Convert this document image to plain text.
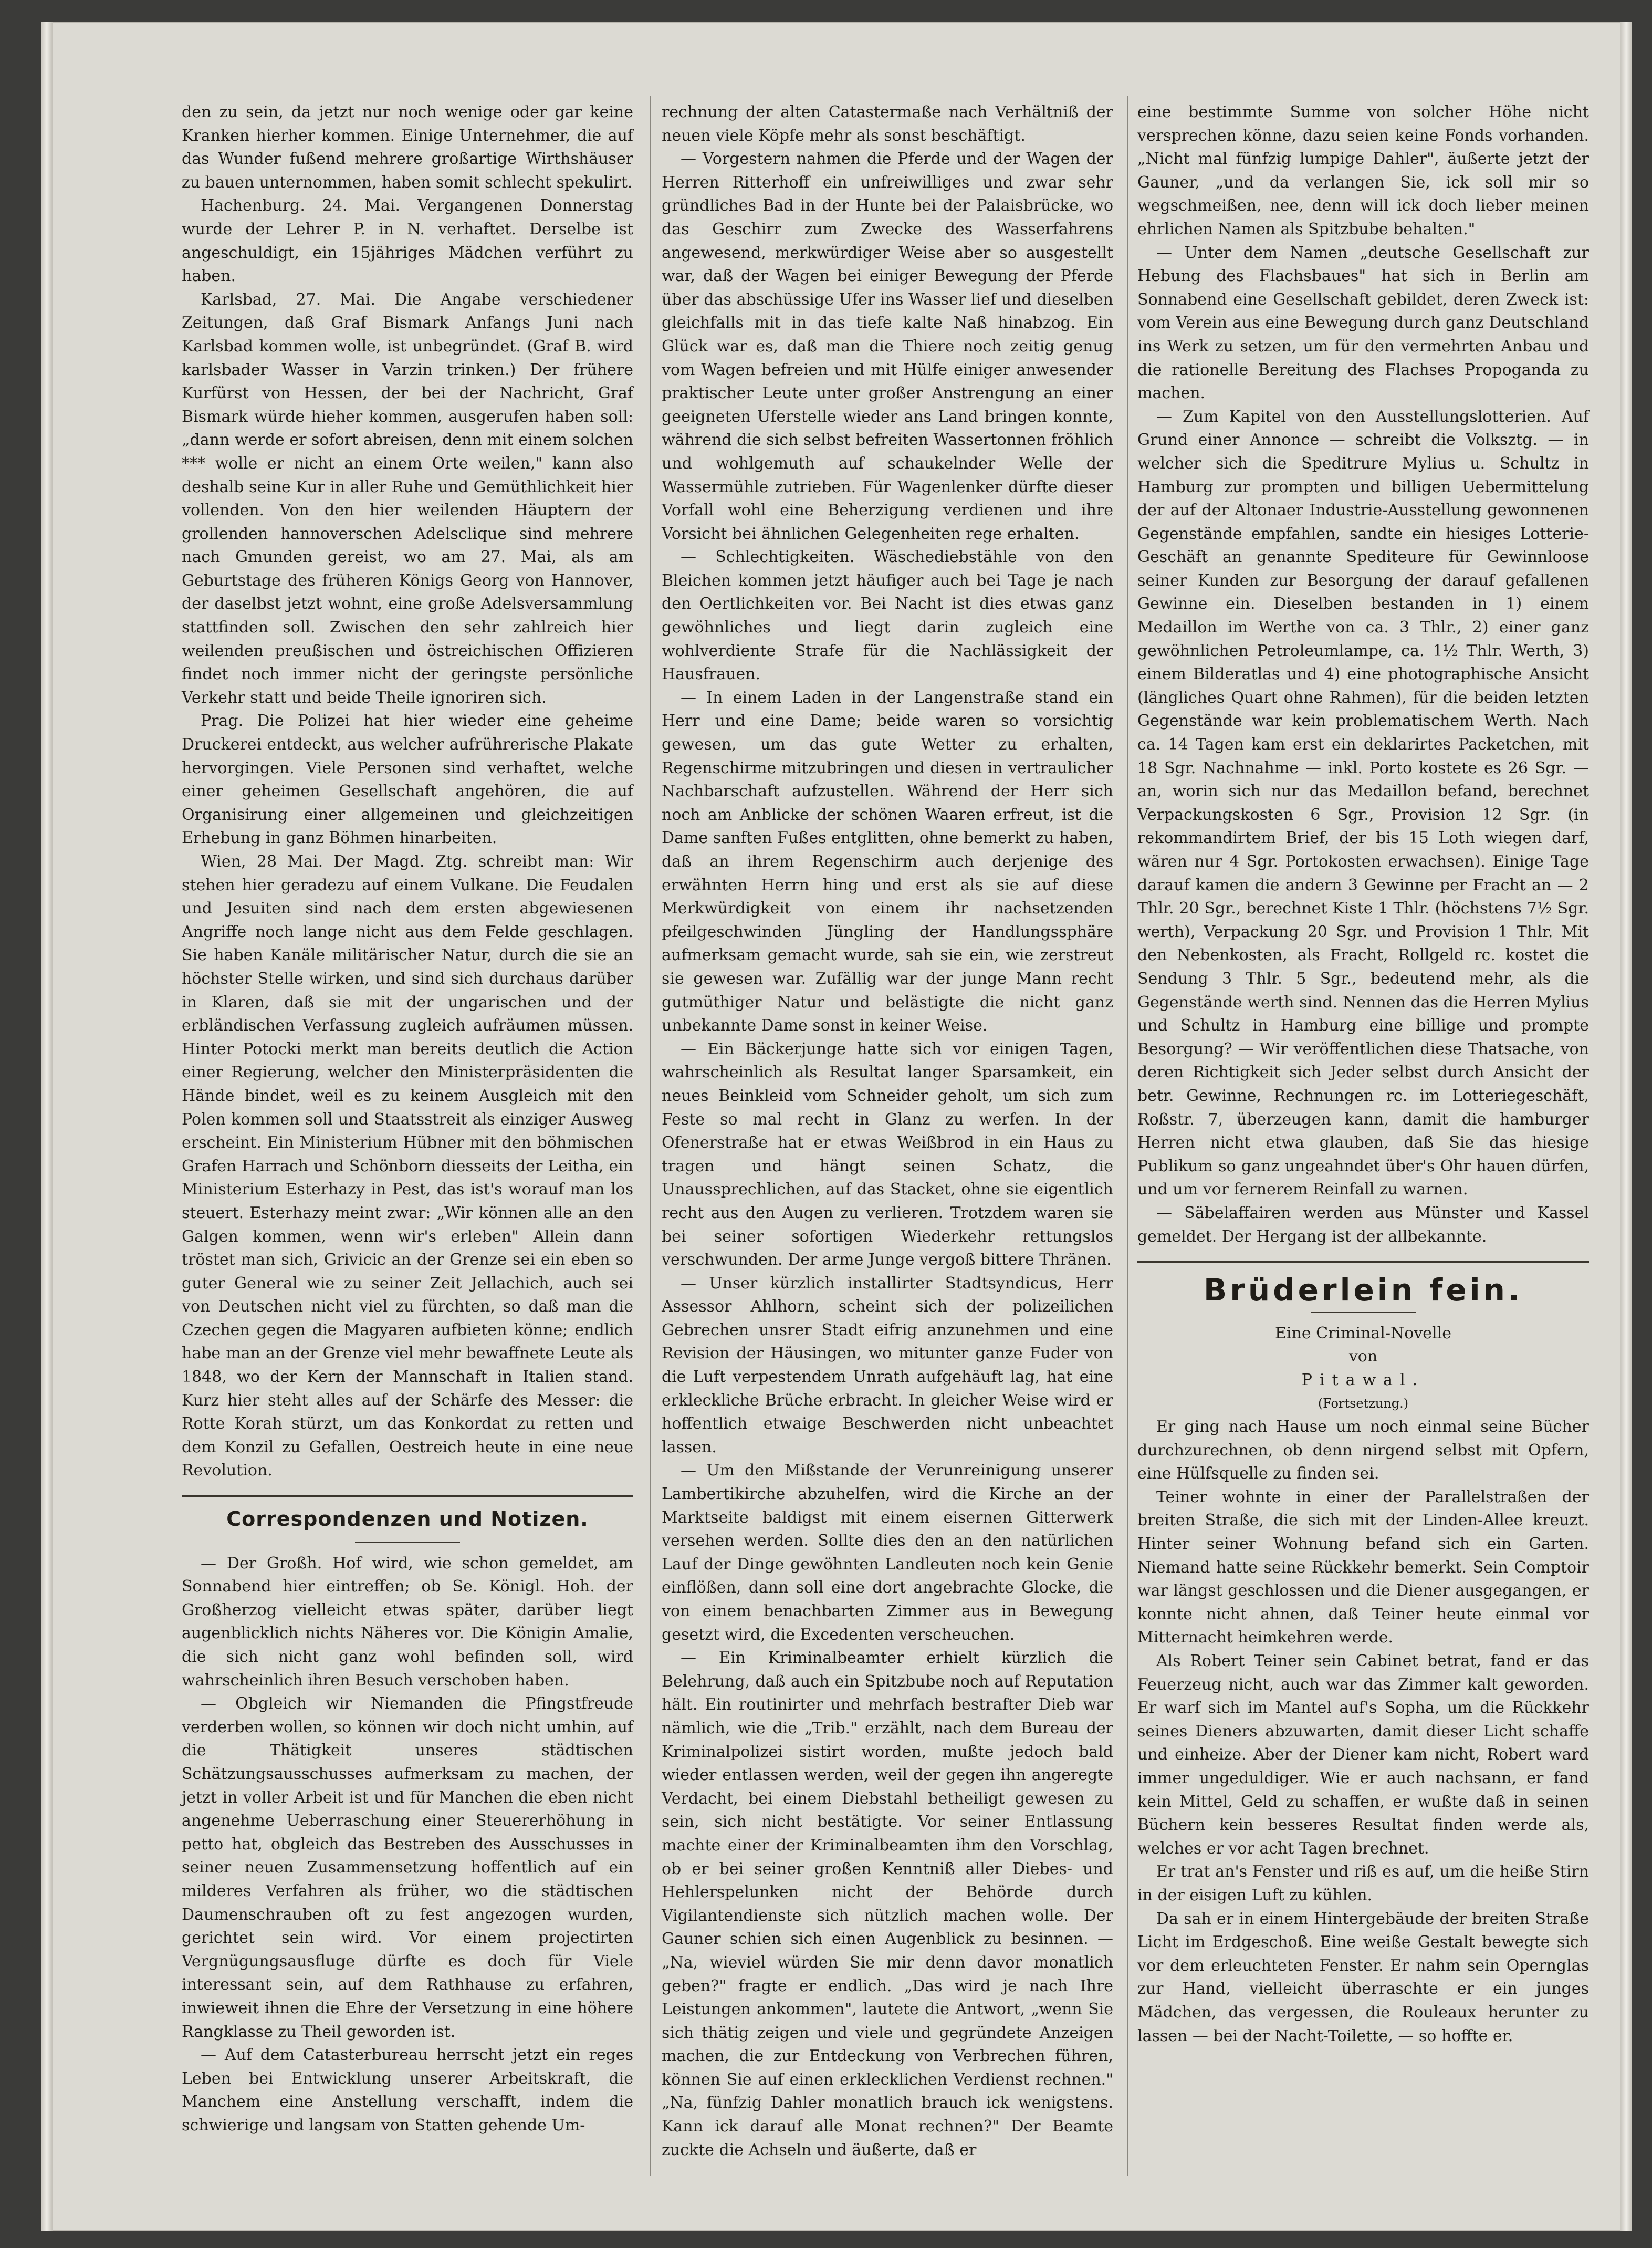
den zu sein, da jetzt nur noch wenige oder gar keine Kranken hierher kommen. Einige Unternehmer, die auf das Wunder fußend mehrere großartige Wirthshäuser zu bauen unternommen, haben somit schlecht spekulirt.

Hachenburg. 24. Mai. Vergangenen Donnerstag wurde der Lehrer P. in N. verhaftet. Derselbe ist angeschuldigt, ein 15jähriges Mädchen verführt zu haben.

Karlsbad, 27. Mai. Die Angabe verschiedener Zeitungen, daß Graf Bismark Anfangs Juni nach Karlsbad kommen wolle, ist unbegründet. (Graf B. wird karlsbader Wasser in Varzin trinken.) Der frühere Kurfürst von Hessen, der bei der Nachricht, Graf Bismark würde hieher kommen, ausgerufen haben soll: „dann werde er sofort abreisen, denn mit einem solchen *** wolle er nicht an einem Orte weilen," kann also deshalb seine Kur in aller Ruhe und Gemüthlichkeit hier vollenden. Von den hier weilenden Häuptern der grollenden hannoverschen Adelsclique sind mehrere nach Gmunden gereist, wo am 27. Mai, als am Geburtstage des früheren Königs Georg von Hannover, der daselbst jetzt wohnt, eine große Adelsversammlung stattfinden soll. Zwischen den sehr zahlreich hier weilenden preußischen und östreichischen Offizieren findet noch immer nicht der geringste persönliche Verkehr statt und beide Theile ignoriren sich.

Prag. Die Polizei hat hier wieder eine geheime Druckerei entdeckt, aus welcher aufrührerische Plakate hervorgingen. Viele Personen sind verhaftet, welche einer geheimen Gesellschaft angehören, die auf Organisirung einer allgemeinen und gleichzeitigen Erhebung in ganz Böhmen hinarbeiten.

Wien, 28 Mai. Der Magd. Ztg. schreibt man: Wir stehen hier geradezu auf einem Vulkane. Die Feudalen und Jesuiten sind nach dem ersten abgewiesenen Angriffe noch lange nicht aus dem Felde geschlagen. Sie haben Kanäle militärischer Natur, durch die sie an höchster Stelle wirken, und sind sich durchaus darüber in Klaren, daß sie mit der ungarischen und der erbländischen Verfassung zugleich aufräumen müssen. Hinter Potocki merkt man bereits deutlich die Action einer Regierung, welcher den Ministerpräsidenten die Hände bindet, weil es zu keinem Ausgleich mit den Polen kommen soll und Staatsstreit als einziger Ausweg erscheint. Ein Ministerium Hübner mit den böhmischen Grafen Harrach und Schönborn diesseits der Leitha, ein Ministerium Esterhazy in Pest, das ist's worauf man los steuert. Esterhazy meint zwar: „Wir können alle an den Galgen kommen, wenn wir's erleben" Allein dann tröstet man sich, Grivicic an der Grenze sei ein eben so guter General wie zu seiner Zeit Jellachich, auch sei von Deutschen nicht viel zu fürchten, so daß man die Czechen gegen die Magyaren aufbieten könne; endlich habe man an der Grenze viel mehr bewaffnete Leute als 1848, wo der Kern der Mannschaft in Italien stand. Kurz hier steht alles auf der Schärfe des Messer: die Rotte Korah stürzt, um das Konkordat zu retten und dem Konzil zu Gefallen, Oestreich heute in eine neue Revolution.

Correspondenzen und Notizen.

— Der Großh. Hof wird, wie schon gemeldet, am Sonnabend hier eintreffen; ob Se. Königl. Hoh. der Großherzog vielleicht etwas später, darüber liegt augenblicklich nichts Näheres vor. Die Königin Amalie, die sich nicht ganz wohl befinden soll, wird wahrscheinlich ihren Besuch verschoben haben.

— Obgleich wir Niemanden die Pfingstfreude verderben wollen, so können wir doch nicht umhin, auf die Thätigkeit unseres städtischen Schätzungsausschusses aufmerksam zu machen, der jetzt in voller Arbeit ist und für Manchen die eben nicht angenehme Ueberraschung einer Steuererhöhung in petto hat, obgleich das Bestreben des Ausschusses in seiner neuen Zusammensetzung hoffentlich auf ein milderes Verfahren als früher, wo die städtischen Daumenschrauben oft zu fest angezogen wurden, gerichtet sein wird. Vor einem projectirten Vergnügungsausfluge dürfte es doch für Viele interessant sein, auf dem Rathhause zu erfahren, inwieweit ihnen die Ehre der Versetzung in eine höhere Rangklasse zu Theil geworden ist.

— Auf dem Catasterbureau herrscht jetzt ein reges Leben bei Entwicklung unserer Arbeitskraft, die Manchem eine Anstellung verschafft, indem die schwierige und langsam von Statten gehende Um-

rechnung der alten Catastermaße nach Verhältniß der neuen viele Köpfe mehr als sonst beschäftigt.

— Vorgestern nahmen die Pferde und der Wagen der Herren Ritterhoff ein unfreiwilliges und zwar sehr gründliches Bad in der Hunte bei der Palaisbrücke, wo das Geschirr zum Zwecke des Wasserfahrens angewesend, merkwürdiger Weise aber so ausgestellt war, daß der Wagen bei einiger Bewegung der Pferde über das abschüssige Ufer ins Wasser lief und dieselben gleichfalls mit in das tiefe kalte Naß hinabzog. Ein Glück war es, daß man die Thiere noch zeitig genug vom Wagen befreien und mit Hülfe einiger anwesender praktischer Leute unter großer Anstrengung an einer geeigneten Uferstelle wieder ans Land bringen konnte, während die sich selbst befreiten Wassertonnen fröhlich und wohlgemuth auf schaukelnder Welle der Wassermühle zutrieben. Für Wagenlenker dürfte dieser Vorfall wohl eine Beherzigung verdienen und ihre Vorsicht bei ähnlichen Gelegenheiten rege erhalten.

— Schlechtigkeiten. Wäschediebstähle von den Bleichen kommen jetzt häufiger auch bei Tage je nach den Oertlichkeiten vor. Bei Nacht ist dies etwas ganz gewöhnliches und liegt darin zugleich eine wohlverdiente Strafe für die Nachlässigkeit der Hausfrauen.

— In einem Laden in der Langenstraße stand ein Herr und eine Dame; beide waren so vorsichtig gewesen, um das gute Wetter zu erhalten, Regenschirme mitzubringen und diesen in vertraulicher Nachbarschaft aufzustellen. Während der Herr sich noch am Anblicke der schönen Waaren erfreut, ist die Dame sanften Fußes entglitten, ohne bemerkt zu haben, daß an ihrem Regenschirm auch derjenige des erwähnten Herrn hing und erst als sie auf diese Merkwürdigkeit von einem ihr nachsetzenden pfeilgeschwinden Jüngling der Handlungssphäre aufmerksam gemacht wurde, sah sie ein, wie zerstreut sie gewesen war. Zufällig war der junge Mann recht gutmüthiger Natur und belästigte die nicht ganz unbekannte Dame sonst in keiner Weise.

— Ein Bäckerjunge hatte sich vor einigen Tagen, wahrscheinlich als Resultat langer Sparsamkeit, ein neues Beinkleid vom Schneider geholt, um sich zum Feste so mal recht in Glanz zu werfen. In der Ofenerstraße hat er etwas Weißbrod in ein Haus zu tragen und hängt seinen Schatz, die Unaussprechlichen, auf das Stacket, ohne sie eigentlich recht aus den Augen zu verlieren. Trotzdem waren sie bei seiner sofortigen Wiederkehr rettungslos verschwunden. Der arme Junge vergoß bittere Thränen.

— Unser kürzlich installirter Stadtsyndicus, Herr Assessor Ahlhorn, scheint sich der polizeilichen Gebrechen unsrer Stadt eifrig anzunehmen und eine Revision der Häusingen, wo mitunter ganze Fuder von die Luft verpestendem Unrath aufgehäuft lag, hat eine erkleckliche Brüche erbracht. In gleicher Weise wird er hoffentlich etwaige Beschwerden nicht unbeachtet lassen.

— Um den Mißstande der Verunreinigung unserer Lambertikirche abzuhelfen, wird die Kirche an der Marktseite baldigst mit einem eisernen Gitterwerk versehen werden. Sollte dies den an den natürlichen Lauf der Dinge gewöhnten Landleuten noch kein Genie einflößen, dann soll eine dort angebrachte Glocke, die von einem benachbarten Zimmer aus in Bewegung gesetzt wird, die Excedenten verscheuchen.

— Ein Kriminalbeamter erhielt kürzlich die Belehrung, daß auch ein Spitzbube noch auf Reputation hält. Ein routinirter und mehrfach bestrafter Dieb war nämlich, wie die „Trib." erzählt, nach dem Bureau der Kriminalpolizei sistirt worden, mußte jedoch bald wieder entlassen werden, weil der gegen ihn angeregte Verdacht, bei einem Diebstahl betheiligt gewesen zu sein, sich nicht bestätigte. Vor seiner Entlassung machte einer der Kriminalbeamten ihm den Vorschlag, ob er bei seiner großen Kenntniß aller Diebes- und Hehlerspelunken nicht der Behörde durch Vigilantendienste sich nützlich machen wolle. Der Gauner schien sich einen Augenblick zu besinnen. — „Na, wieviel würden Sie mir denn davor monatlich geben?" fragte er endlich. „Das wird je nach Ihre Leistungen ankommen", lautete die Antwort, „wenn Sie sich thätig zeigen und viele und gegründete Anzeigen machen, die zur Entdeckung von Verbrechen führen, können Sie auf einen erklecklichen Verdienst rechnen." „Na, fünfzig Dahler monatlich brauch ick wenigstens. Kann ick darauf alle Monat rechnen?" Der Beamte zuckte die Achseln und äußerte, daß er

eine bestimmte Summe von solcher Höhe nicht versprechen könne, dazu seien keine Fonds vorhanden. „Nicht mal fünfzig lumpige Dahler", äußerte jetzt der Gauner, „und da verlangen Sie, ick soll mir so wegschmeißen, nee, denn will ick doch lieber meinen ehrlichen Namen als Spitzbube behalten."

— Unter dem Namen „deutsche Gesellschaft zur Hebung des Flachsbaues" hat sich in Berlin am Sonnabend eine Gesellschaft gebildet, deren Zweck ist: vom Verein aus eine Bewegung durch ganz Deutschland ins Werk zu setzen, um für den vermehrten Anbau und die rationelle Bereitung des Flachses Propoganda zu machen.

— Zum Kapitel von den Ausstellungslotterien. Auf Grund einer Annonce — schreibt die Volksztg. — in welcher sich die Speditrure Mylius u. Schultz in Hamburg zur prompten und billigen Uebermittelung der auf der Altonaer Industrie-Ausstellung gewonnenen Gegenstände empfahlen, sandte ein hiesiges Lotterie-Geschäft an genannte Spediteure für Gewinnloose seiner Kunden zur Besorgung der darauf gefallenen Gewinne ein. Dieselben bestanden in 1) einem Medaillon im Werthe von ca. 3 Thlr., 2) einer ganz gewöhnlichen Petroleumlampe, ca. 1½ Thlr. Werth, 3) einem Bilderatlas und 4) eine photographische Ansicht (längliches Quart ohne Rahmen), für die beiden letzten Gegenstände war kein problematischem Werth. Nach ca. 14 Tagen kam erst ein deklarirtes Packetchen, mit 18 Sgr. Nachnahme — inkl. Porto kostete es 26 Sgr. — an, worin sich nur das Medaillon befand, berechnet Verpackungskosten 6 Sgr., Provision 12 Sgr. (in rekommandirtem Brief, der bis 15 Loth wiegen darf, wären nur 4 Sgr. Portokosten erwachsen). Einige Tage darauf kamen die andern 3 Gewinne per Fracht an — 2 Thlr. 20 Sgr., berechnet Kiste 1 Thlr. (höchstens 7½ Sgr. werth), Verpackung 20 Sgr. und Provision 1 Thlr. Mit den Nebenkosten, als Fracht, Rollgeld rc. kostet die Sendung 3 Thlr. 5 Sgr., bedeutend mehr, als die Gegenstände werth sind. Nennen das die Herren Mylius und Schultz in Hamburg eine billige und prompte Besorgung? — Wir veröffentlichen diese Thatsache, von deren Richtigkeit sich Jeder selbst durch Ansicht der betr. Gewinne, Rechnungen rc. im Lotteriegeschäft, Roßstr. 7, überzeugen kann, damit die hamburger Herren nicht etwa glauben, daß Sie das hiesige Publikum so ganz ungeahndet über's Ohr hauen dürfen, und um vor fernerem Reinfall zu warnen.

— Säbelaffairen werden aus Münster und Kassel gemeldet. Der Hergang ist der allbekannte.

Brüderlein fein.

Eine Criminal-Novelle

von

Pitawal.

(Fortsetzung.)

Er ging nach Hause um noch einmal seine Bücher durchzurechnen, ob denn nirgend selbst mit Opfern, eine Hülfsquelle zu finden sei.

Teiner wohnte in einer der Parallelstraßen der breiten Straße, die sich mit der Linden-Allee kreuzt. Hinter seiner Wohnung befand sich ein Garten. Niemand hatte seine Rückkehr bemerkt. Sein Comptoir war längst geschlossen und die Diener ausgegangen, er konnte nicht ahnen, daß Teiner heute einmal vor Mitternacht heimkehren werde.

Als Robert Teiner sein Cabinet betrat, fand er das Feuerzeug nicht, auch war das Zimmer kalt geworden. Er warf sich im Mantel auf's Sopha, um die Rückkehr seines Dieners abzuwarten, damit dieser Licht schaffe und einheize. Aber der Diener kam nicht, Robert ward immer ungeduldiger. Wie er auch nachsann, er fand kein Mittel, Geld zu schaffen, er wußte daß in seinen Büchern kein besseres Resultat finden werde als, welches er vor acht Tagen brechnet.

Er trat an's Fenster und riß es auf, um die heiße Stirn in der eisigen Luft zu kühlen.

Da sah er in einem Hintergebäude der breiten Straße Licht im Erdgeschoß. Eine weiße Gestalt bewegte sich vor dem erleuchteten Fenster. Er nahm sein Opernglas zur Hand, vielleicht überraschte er ein junges Mädchen, das vergessen, die Rouleaux herunter zu lassen — bei der Nacht-Toilette, — so hoffte er.
